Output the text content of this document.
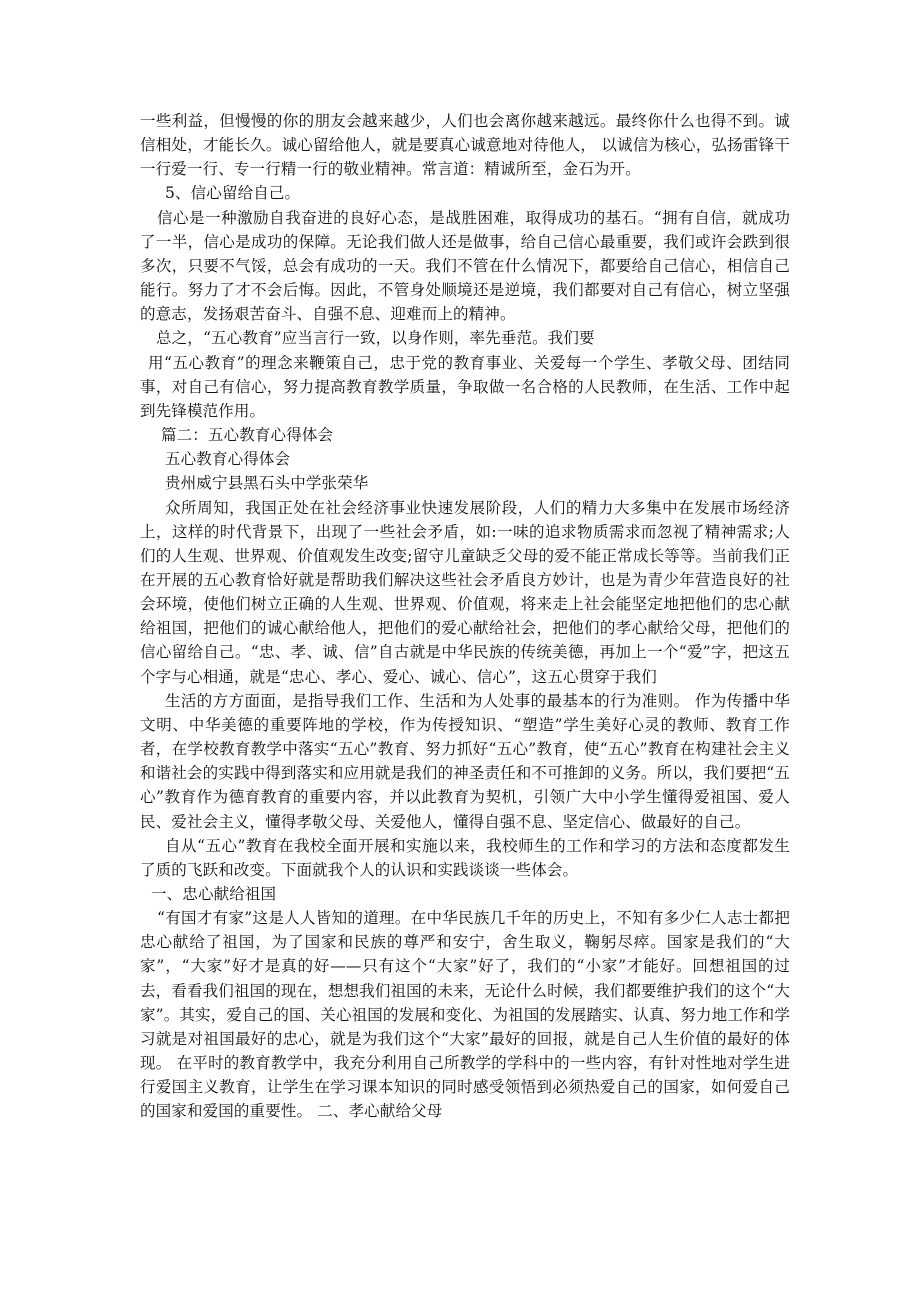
一些利益，但慢慢的你的朋友会越来越少，人们也会离你越来越远。最终你什么也得不到。诚信相处，才能长久。诚心留给他人，就是要真心诚意地对待他人， 以诚信为核心，弘扬雷锋干一行爱一行、专一行精一行的敬业精神。常言道：精诚所至，金石为开。

5、信心留给自己。

信心是一种激励自我奋进的良好心态，是战胜困难，取得成功的基石。“拥有自信，就成功了一半，信心是成功的保障。无论我们做人还是做事，给自己信心最重要，我们或许会跌到很多次，只要不气馁，总会有成功的一天。我们不管在什么情况下，都要给自己信心，相信自己能行。努力了才不会后悔。因此，不管身处顺境还是逆境，我们都要对自己有信心，树立坚强的意志，发扬艰苦奋斗、自强不息、迎难而上的精神。

总之，“五心教育”应当言行一致，以身作则，率先垂范。我们要

用“五心教育”的理念来鞭策自己，忠于党的教育事业、关爱每一个学生、孝敬父母、团结同事，对自己有信心，努力提高教育教学质量，争取做一名合格的人民教师，在生活、工作中起到先锋模范作用。

篇二：五心教育心得体会

五心教育心得体会

贵州威宁县黑石头中学张荣华

众所周知，我国正处在社会经济事业快速发展阶段，人们的精力大多集中在发展市场经济上，这样的时代背景下，出现了一些社会矛盾，如:一味的追求物质需求而忽视了精神需求;人们的人生观、世界观、价值观发生改变;留守儿童缺乏父母的爱不能正常成长等等。当前我们正在开展的五心教育恰好就是帮助我们解决这些社会矛盾良方妙计，也是为青少年营造良好的社会环境，使他们树立正确的人生观、世界观、价值观，将来走上社会能坚定地把他们的忠心献给祖国，把他们的诚心献给他人，把他们的爱心献给社会，把他们的孝心献给父母，把他们的信心留给自己。“忠、孝、诚、信”自古就是中华民族的传统美德，再加上一个“爱”字，把这五个字与心相通，就是“忠心、孝心、爱心、诚心、信心”，这五心贯穿于我们

生活的方方面面，是指导我们工作、生活和为人处事的最基本的行为准则。 作为传播中华文明、中华美德的重要阵地的学校，作为传授知识、“塑造”学生美好心灵的教师、教育工作者，在学校教育教学中落实“五心”教育、努力抓好“五心”教育，使“五心”教育在构建社会主义和谐社会的实践中得到落实和应用就是我们的神圣责任和不可推卸的义务。所以，我们要把“五心”教育作为德育教育的重要内容，并以此教育为契机，引领广大中小学生懂得爱祖国、爱人民、爱社会主义，懂得孝敬父母、关爱他人，懂得自强不息、坚定信心、做最好的自己。

自从“五心”教育在我校全面开展和实施以来，我校师生的工作和学习的方法和态度都发生了质的飞跃和改变。下面就我个人的认识和实践谈谈一些体会。

一、忠心献给祖国

“有国才有家”这是人人皆知的道理。在中华民族几千年的历史上，不知有多少仁人志士都把忠心献给了祖国，为了国家和民族的尊严和安宁，舍生取义，鞠躬尽瘁。国家是我们的“大家”，“大家”好才是真的好——只有这个“大家”好了，我们的“小家”才能好。回想祖国的过去，看看我们祖国的现在，想想我们祖国的未来，无论什么时候，我们都要维护我们的这个“大家”。其实，爱自己的国、关心祖国的发展和变化、为祖国的发展踏实、认真、努力地工作和学习就是对祖国最好的忠心，就是为我们这个“大家”最好的回报，就是自己人生价值的最好的体现。 在平时的教育教学中，我充分利用自己所教学的学科中的一些内容，有针对性地对学生进行爱国主义教育，让学生在学习课本知识的同时感受领悟到必须热爱自己的国家，如何爱自己的国家和爱国的重要性。 二、孝心献给父母
